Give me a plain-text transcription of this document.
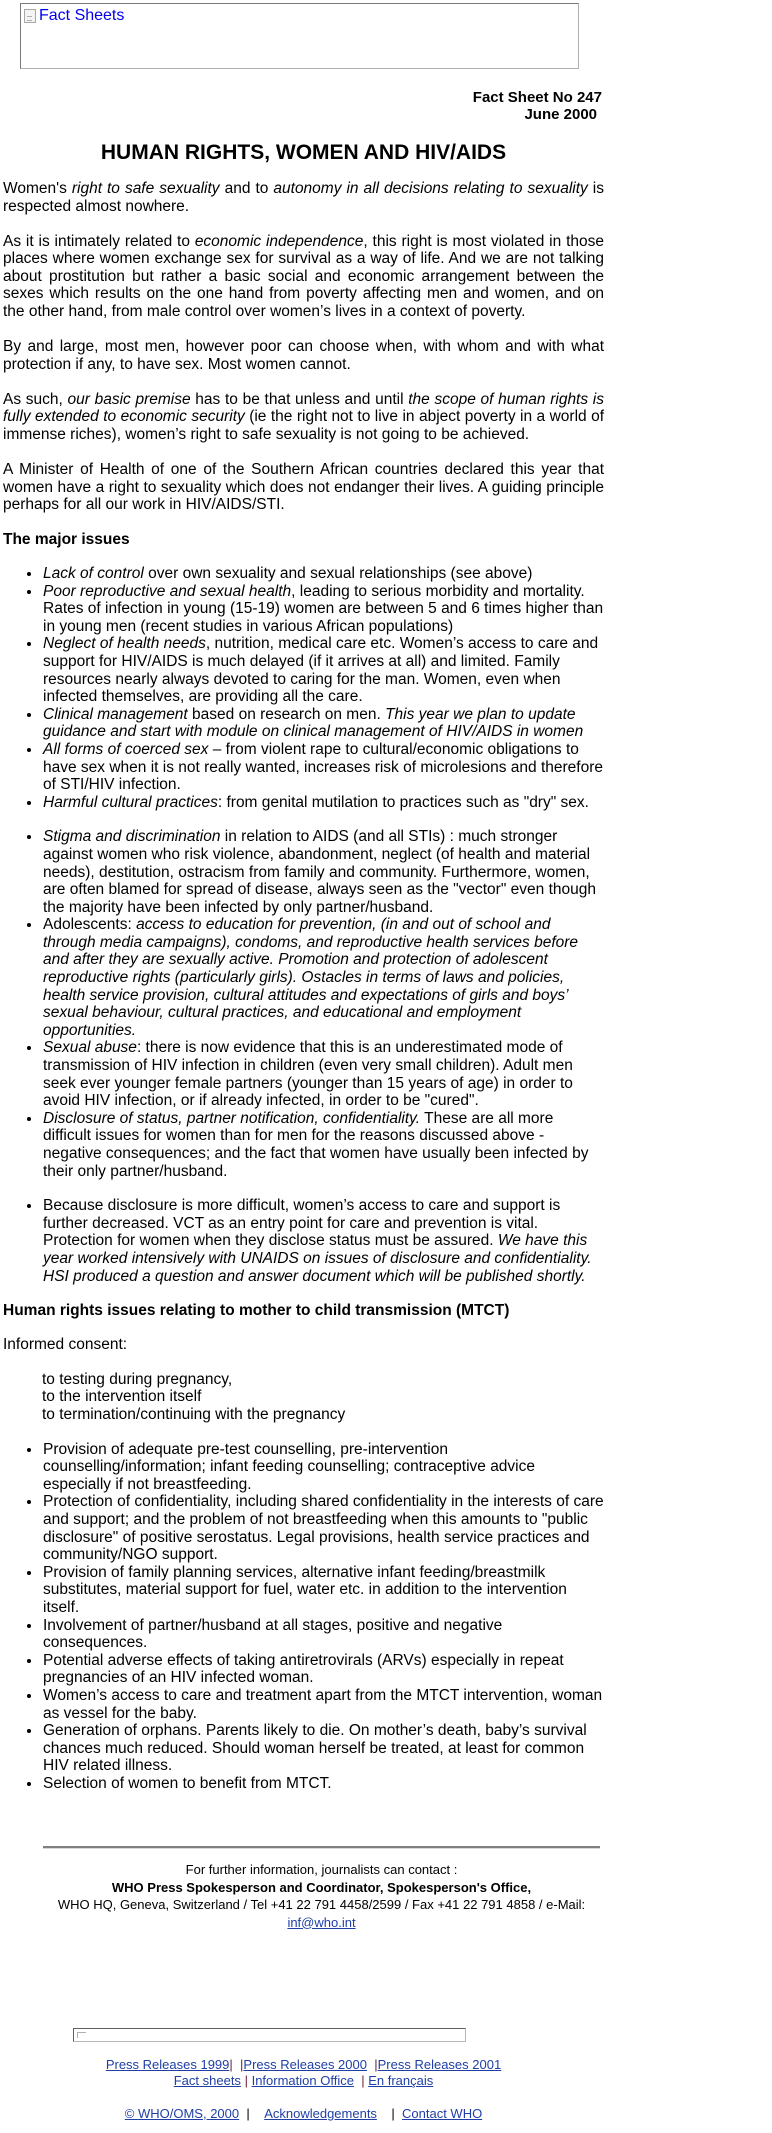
Fact Sheets
Fact Sheet No 247
June 2000
HUMAN RIGHTS, WOMEN AND HIV/AIDS

Women's right to safe sexuality and to autonomy in all decisions relating to sexuality is respected almost nowhere.

As it is intimately related to economic independence, this right is most violated in those places where women exchange sex for survival as a way of life. And we are not talking about prostitution but rather a basic social and economic arrangement between the sexes which results on the one hand from poverty affecting men and women, and on the other hand, from male control over women’s lives in a context of poverty.

By and large, most men, however poor can choose when, with whom and with what protection if any, to have sex. Most women cannot.

As such, our basic premise has to be that unless and until the scope of human rights is fully extended to economic security (ie the right not to live in abject poverty in a world of immense riches), women’s right to safe sexuality is not going to be achieved.

A Minister of Health of one of the Southern African countries declared this year that women have a right to sexuality which does not endanger their lives. A guiding principle perhaps for all our work in HIV/AIDS/STI.

The major issues
• Lack of control over own sexuality and sexual relationships (see above)
• Poor reproductive and sexual health, leading to serious morbidity and mortality. Rates of infection in young (15-19) women are between 5 and 6 times higher than in young men (recent studies in various African populations)
• Neglect of health needs, nutrition, medical care etc. Women’s access to care and support for HIV/AIDS is much delayed (if it arrives at all) and limited. Family resources nearly always devoted to caring for the man. Women, even when infected themselves, are providing all the care.
• Clinical management based on research on men. This year we plan to update guidance and start with module on clinical management of HIV/AIDS in women
• All forms of coerced sex – from violent rape to cultural/economic obligations to have sex when it is not really wanted, increases risk of microlesions and therefore of STI/HIV infection.
• Harmful cultural practices: from genital mutilation to practices such as "dry" sex.
• Stigma and discrimination in relation to AIDS (and all STIs) : much stronger against women who risk violence, abandonment, neglect (of health and material needs), destitution, ostracism from family and community. Furthermore, women, are often blamed for spread of disease, always seen as the "vector" even though the majority have been infected by only partner/husband.
• Adolescents: access to education for prevention, (in and out of school and through media campaigns), condoms, and reproductive health services before and after they are sexually active. Promotion and protection of adolescent reproductive rights (particularly girls). Ostacles in terms of laws and policies, health service provision, cultural attitudes and expectations of girls and boys’ sexual behaviour, cultural practices, and educational and employment opportunities.
• Sexual abuse: there is now evidence that this is an underestimated mode of transmission of HIV infection in children (even very small children). Adult men seek ever younger female partners (younger than 15 years of age) in order to avoid HIV infection, or if already infected, in order to be "cured".
• Disclosure of status, partner notification, confidentiality. These are all more difficult issues for women than for men for the reasons discussed above - negative consequences; and the fact that women have usually been infected by their only partner/husband.
• Because disclosure is more difficult, women’s access to care and support is further decreased. VCT as an entry point for care and prevention is vital. Protection for women when they disclose status must be assured. We have this year worked intensively with UNAIDS on issues of disclosure and confidentiality. HSI produced a question and answer document which will be published shortly.
Human rights issues relating to mother to child transmission (MTCT)

Informed consent:

to testing during pregnancy,
to the intervention itself
to termination/continuing with the pregnancy
• Provision of adequate pre-test counselling, pre-intervention counselling/information; infant feeding counselling; contraceptive advice especially if not breastfeeding.
• Protection of confidentiality, including shared confidentiality in the interests of care and support; and the problem of not breastfeeding when this amounts to "public disclosure" of positive serostatus. Legal provisions, health service practices and community/NGO support.
• Provision of family planning services, alternative infant feeding/breastmilk substitutes, material support for fuel, water etc. in addition to the intervention itself.
• Involvement of partner/husband at all stages, positive and negative consequences.
• Potential adverse effects of taking antiretrovirals (ARVs) especially in repeat pregnancies of an HIV infected woman.
• Women’s access to care and treatment apart from the MTCT intervention, woman as vessel for the baby.
• Generation of orphans. Parents likely to die. On mother’s death, baby’s survival chances much reduced. Should woman herself be treated, at least for common HIV related illness.
• Selection of women to benefit from MTCT.
For further information, journalists can contact :
WHO Press Spokesperson and Coordinator, Spokesperson's Office,
WHO HQ, Geneva, Switzerland / Tel +41 22 791 4458/2599 / Fax +41 22 791 4858 / e-Mail:
inf@who.int
Press Releases 1999| |Press Releases 2000 |Press Releases 2001
Fact sheets | Information Office | En français
© WHO/OMS, 2000 | Acknowledgements | Contact WHO
